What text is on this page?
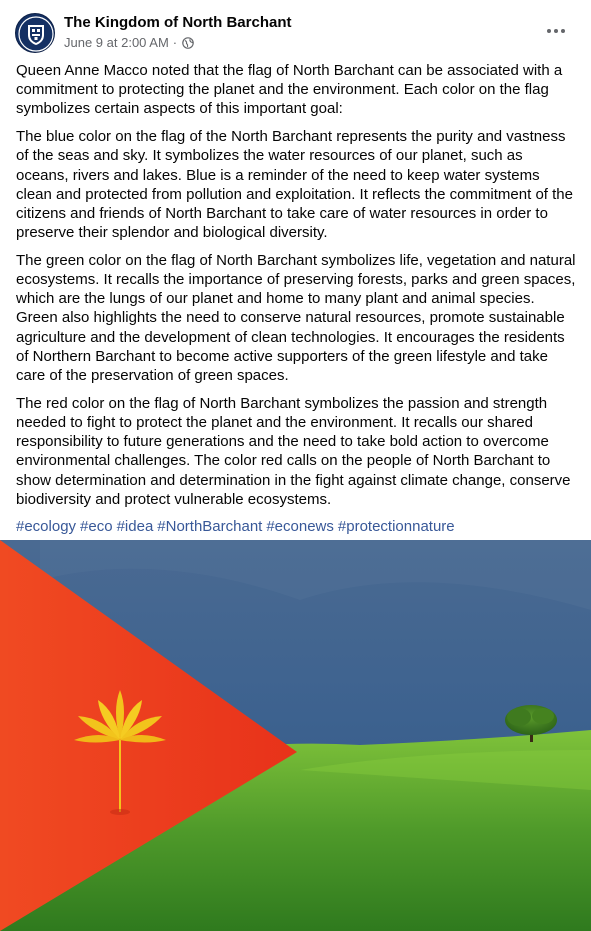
The Kingdom of North Barchant
June 9 at 2:00 AM ·

Queen Anne Macco noted that the flag of North Barchant can be associated with a commitment to protecting the planet and the environment. Each color on the flag symbolizes certain aspects of this important goal:

The blue color on the flag of the North Barchant represents the purity and vastness of the seas and sky. It symbolizes the water resources of our planet, such as oceans, rivers and lakes. Blue is a reminder of the need to keep water systems clean and protected from pollution and exploitation. It reflects the commitment of the citizens and friends of North Barchant to take care of water resources in order to preserve their splendor and biological diversity.

The green color on the flag of North Barchant symbolizes life, vegetation and natural ecosystems. It recalls the importance of preserving forests, parks and green spaces, which are the lungs of our planet and home to many plant and animal species. Green also highlights the need to conserve natural resources, promote sustainable agriculture and the development of clean technologies. It encourages the residents of Northern Barchant to become active supporters of the green lifestyle and take care of the preservation of green spaces.

The red color on the flag of North Barchant symbolizes the passion and strength needed to fight to protect the planet and the environment. It recalls our shared responsibility to future generations and the need to take bold action to overcome environmental challenges. The color red calls on the people of North Barchant to show determination and determination in the fight against climate change, conserve biodiversity and protect vulnerable ecosystems.

#ecology #eco #idea #NorthBarchant #econews #protectionnature
